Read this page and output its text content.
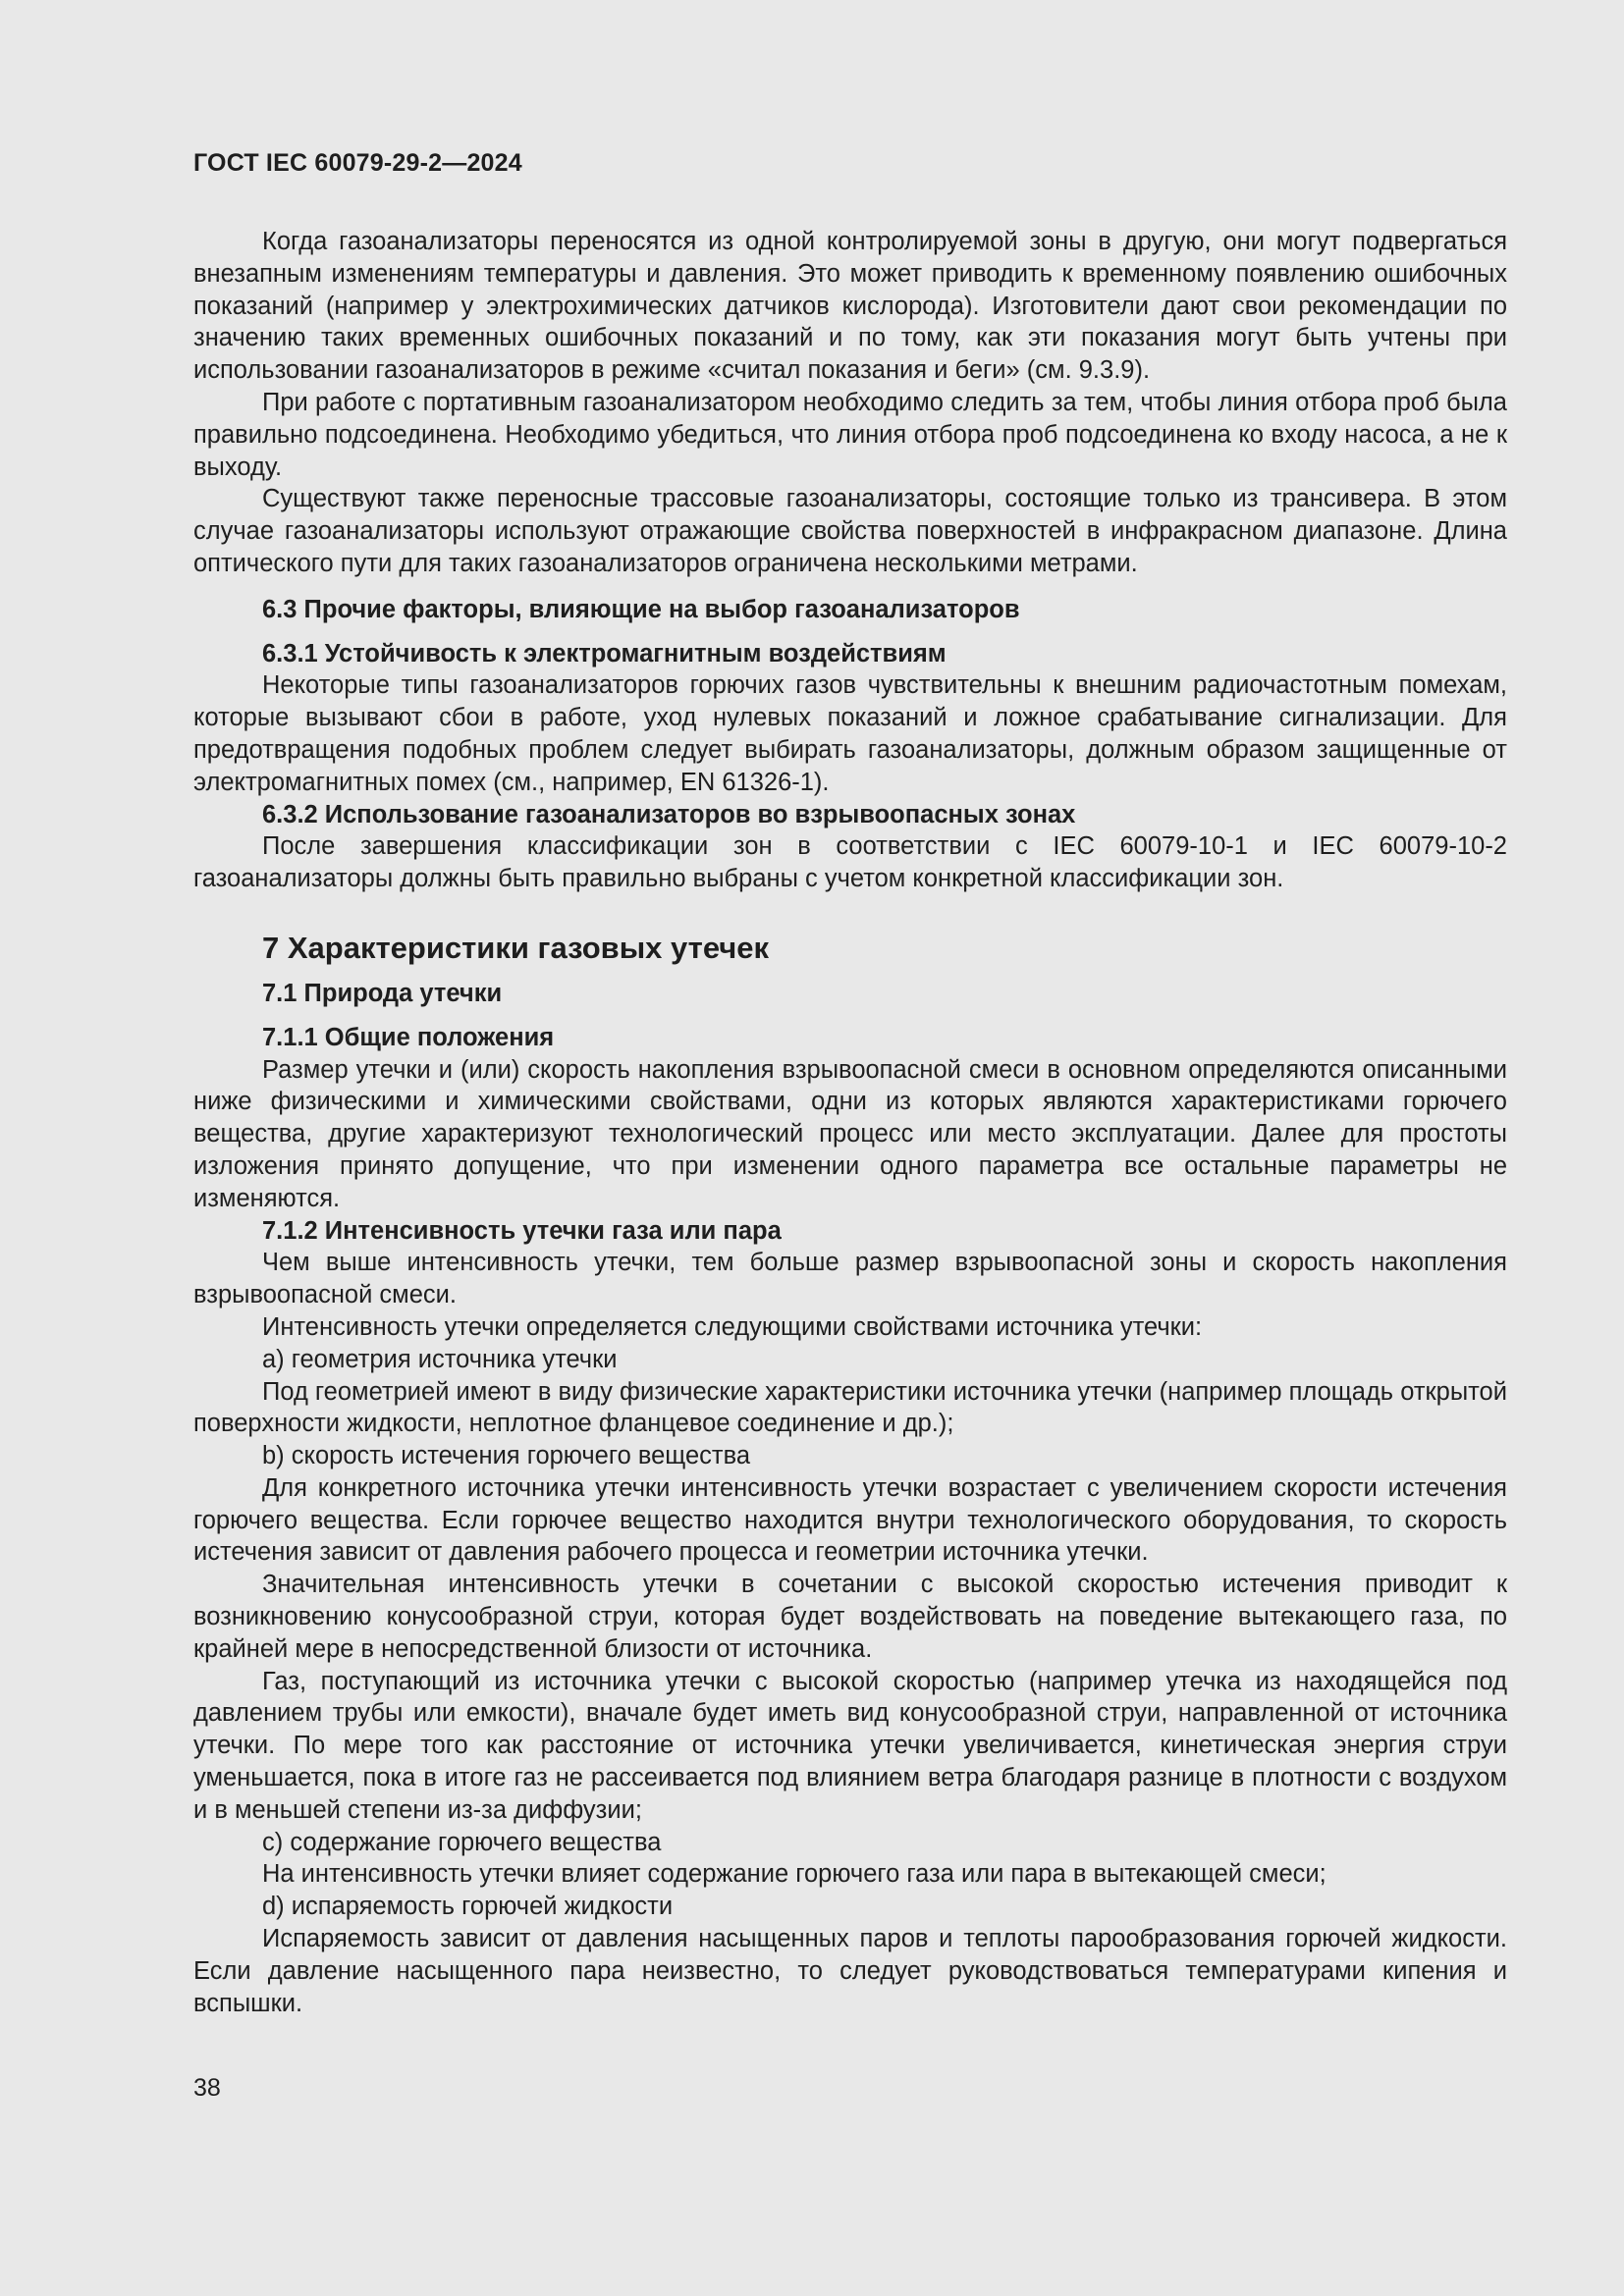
ГОСТ IEC 60079-29-2—2024

Когда газоанализаторы переносятся из одной контролируемой зоны в другую, они могут подвергаться внезапным изменениям температуры и давления. Это может приводить к временному появлению ошибочных показаний (например у электрохимических датчиков кислорода). Изготовители дают свои рекомендации по значению таких временных ошибочных показаний и по тому, как эти показания могут быть учтены при использовании газоанализаторов в режиме «считал показания и беги» (см. 9.3.9).

При работе с портативным газоанализатором необходимо следить за тем, чтобы линия отбора проб была правильно подсоединена. Необходимо убедиться, что линия отбора проб подсоединена ко входу насоса, а не к выходу.

Существуют также переносные трассовые газоанализаторы, состоящие только из трансивера. В этом случае газоанализаторы используют отражающие свойства поверхностей в инфракрасном диапазоне. Длина оптического пути для таких газоанализаторов ограничена несколькими метрами.

6.3 Прочие факторы, влияющие на выбор газоанализаторов
6.3.1 Устойчивость к электромагнитным воздействиям

Некоторые типы газоанализаторов горючих газов чувствительны к внешним радиочастотным помехам, которые вызывают сбои в работе, уход нулевых показаний и ложное срабатывание сигнализации. Для предотвращения подобных проблем следует выбирать газоанализаторы, должным образом защищенные от электромагнитных помех (см., например, EN 61326-1).

6.3.2 Использование газоанализаторов во взрывоопасных зонах

После завершения классификации зон в соответствии с IEC 60079-10-1 и IEC 60079-10-2 газоанализаторы должны быть правильно выбраны с учетом конкретной классификации зон.

7 Характеристики газовых утечек
7.1 Природа утечки
7.1.1 Общие положения

Размер утечки и (или) скорость накопления взрывоопасной смеси в основном определяются описанными ниже физическими и химическими свойствами, одни из которых являются характеристиками горючего вещества, другие характеризуют технологический процесс или место эксплуатации. Далее для простоты изложения принято допущение, что при изменении одного параметра все остальные параметры не изменяются.

7.1.2 Интенсивность утечки газа или пара

Чем выше интенсивность утечки, тем больше размер взрывоопасной зоны и скорость накопления взрывоопасной смеси.

Интенсивность утечки определяется следующими свойствами источника утечки:

a) геометрия источника утечки

Под геометрией имеют в виду физические характеристики источника утечки (например площадь открытой поверхности жидкости, неплотное фланцевое соединение и др.);

b) скорость истечения горючего вещества

Для конкретного источника утечки интенсивность утечки возрастает с увеличением скорости истечения горючего вещества. Если горючее вещество находится внутри технологического оборудования, то скорость истечения зависит от давления рабочего процесса и геометрии источника утечки.

Значительная интенсивность утечки в сочетании с высокой скоростью истечения приводит к возникновению конусообразной струи, которая будет воздействовать на поведение вытекающего газа, по крайней мере в непосредственной близости от источника.

Газ, поступающий из источника утечки с высокой скоростью (например утечка из находящейся под давлением трубы или емкости), вначале будет иметь вид конусообразной струи, направленной от источника утечки. По мере того как расстояние от источника утечки увеличивается, кинетическая энергия струи уменьшается, пока в итоге газ не рассеивается под влиянием ветра благодаря разнице в плотности с воздухом и в меньшей степени из-за диффузии;

c) содержание горючего вещества

На интенсивность утечки влияет содержание горючего газа или пара в вытекающей смеси;

d) испаряемость горючей жидкости

Испаряемость зависит от давления насыщенных паров и теплоты парообразования горючей жидкости. Если давление насыщенного пара неизвестно, то следует руководствоваться температурами кипения и вспышки.

38
